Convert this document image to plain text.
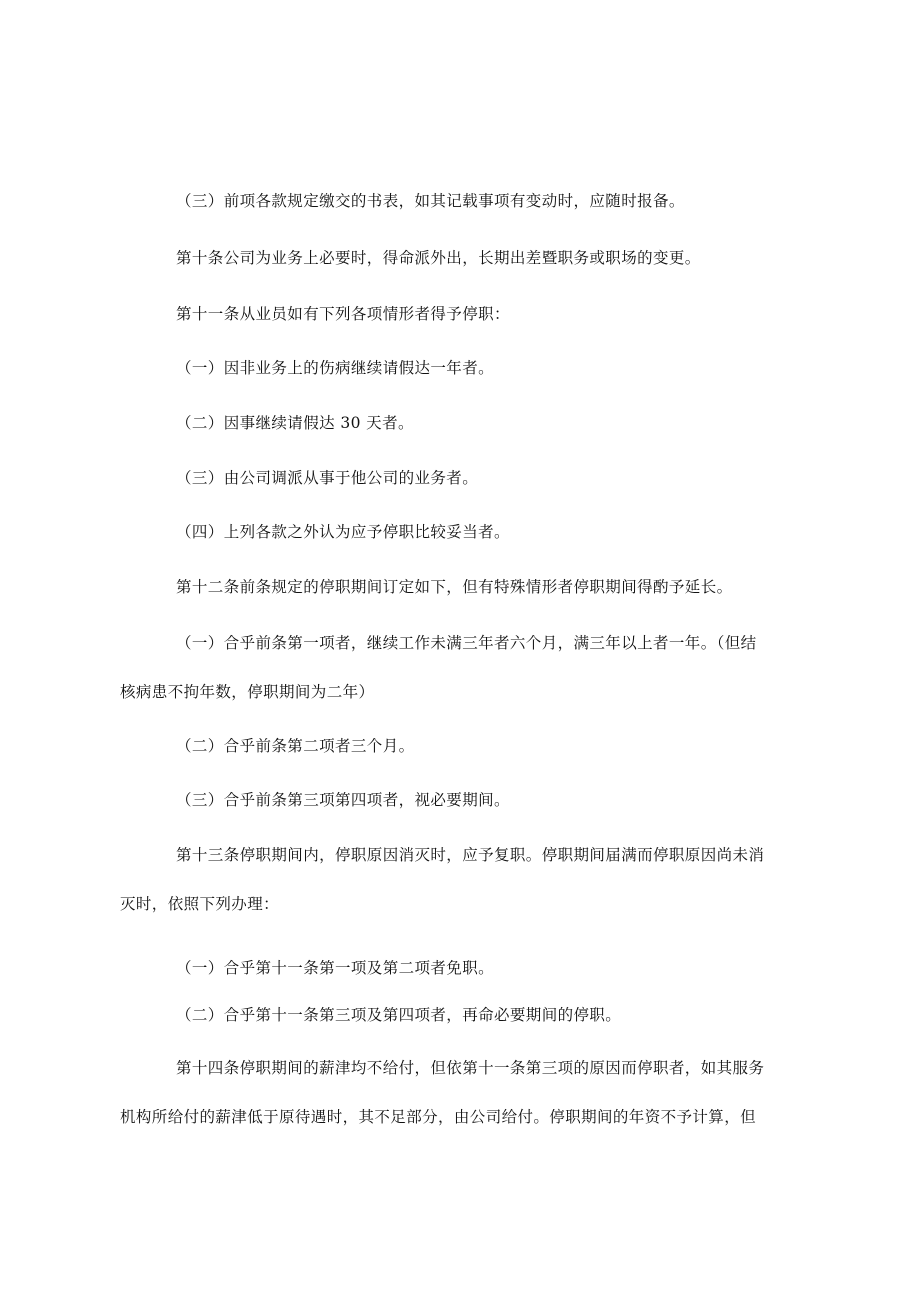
（三）前项各款规定缴交的书表，如其记载事项有变动时，应随时报备。
第十条公司为业务上必要时，得命派外出，长期出差暨职务或职场的变更。
第十一条从业员如有下列各项情形者得予停职：
（一）因非业务上的伤病继续请假达一年者。
（二）因事继续请假达 30 天者。
（三）由公司调派从事于他公司的业务者。
（四）上列各款之外认为应予停职比较妥当者。
第十二条前条规定的停职期间订定如下，但有特殊情形者停职期间得酌予延长。
（一）合乎前条第一项者，继续工作未满三年者六个月，满三年以上者一年。（但结
核病患不拘年数，停职期间为二年）
（二）合乎前条第二项者三个月。
（三）合乎前条第三项第四项者，视必要期间。
第十三条停职期间内，停职原因消灭时，应予复职。停职期间届满而停职原因尚未消
灭时，依照下列办理：
（一）合乎第十一条第一项及第二项者免职。
（二）合乎第十一条第三项及第四项者，再命必要期间的停职。
第十四条停职期间的薪津均不给付，但依第十一条第三项的原因而停职者，如其服务
机构所给付的薪津低于原待遇时，其不足部分，由公司给付。停职期间的年资不予计算，但
